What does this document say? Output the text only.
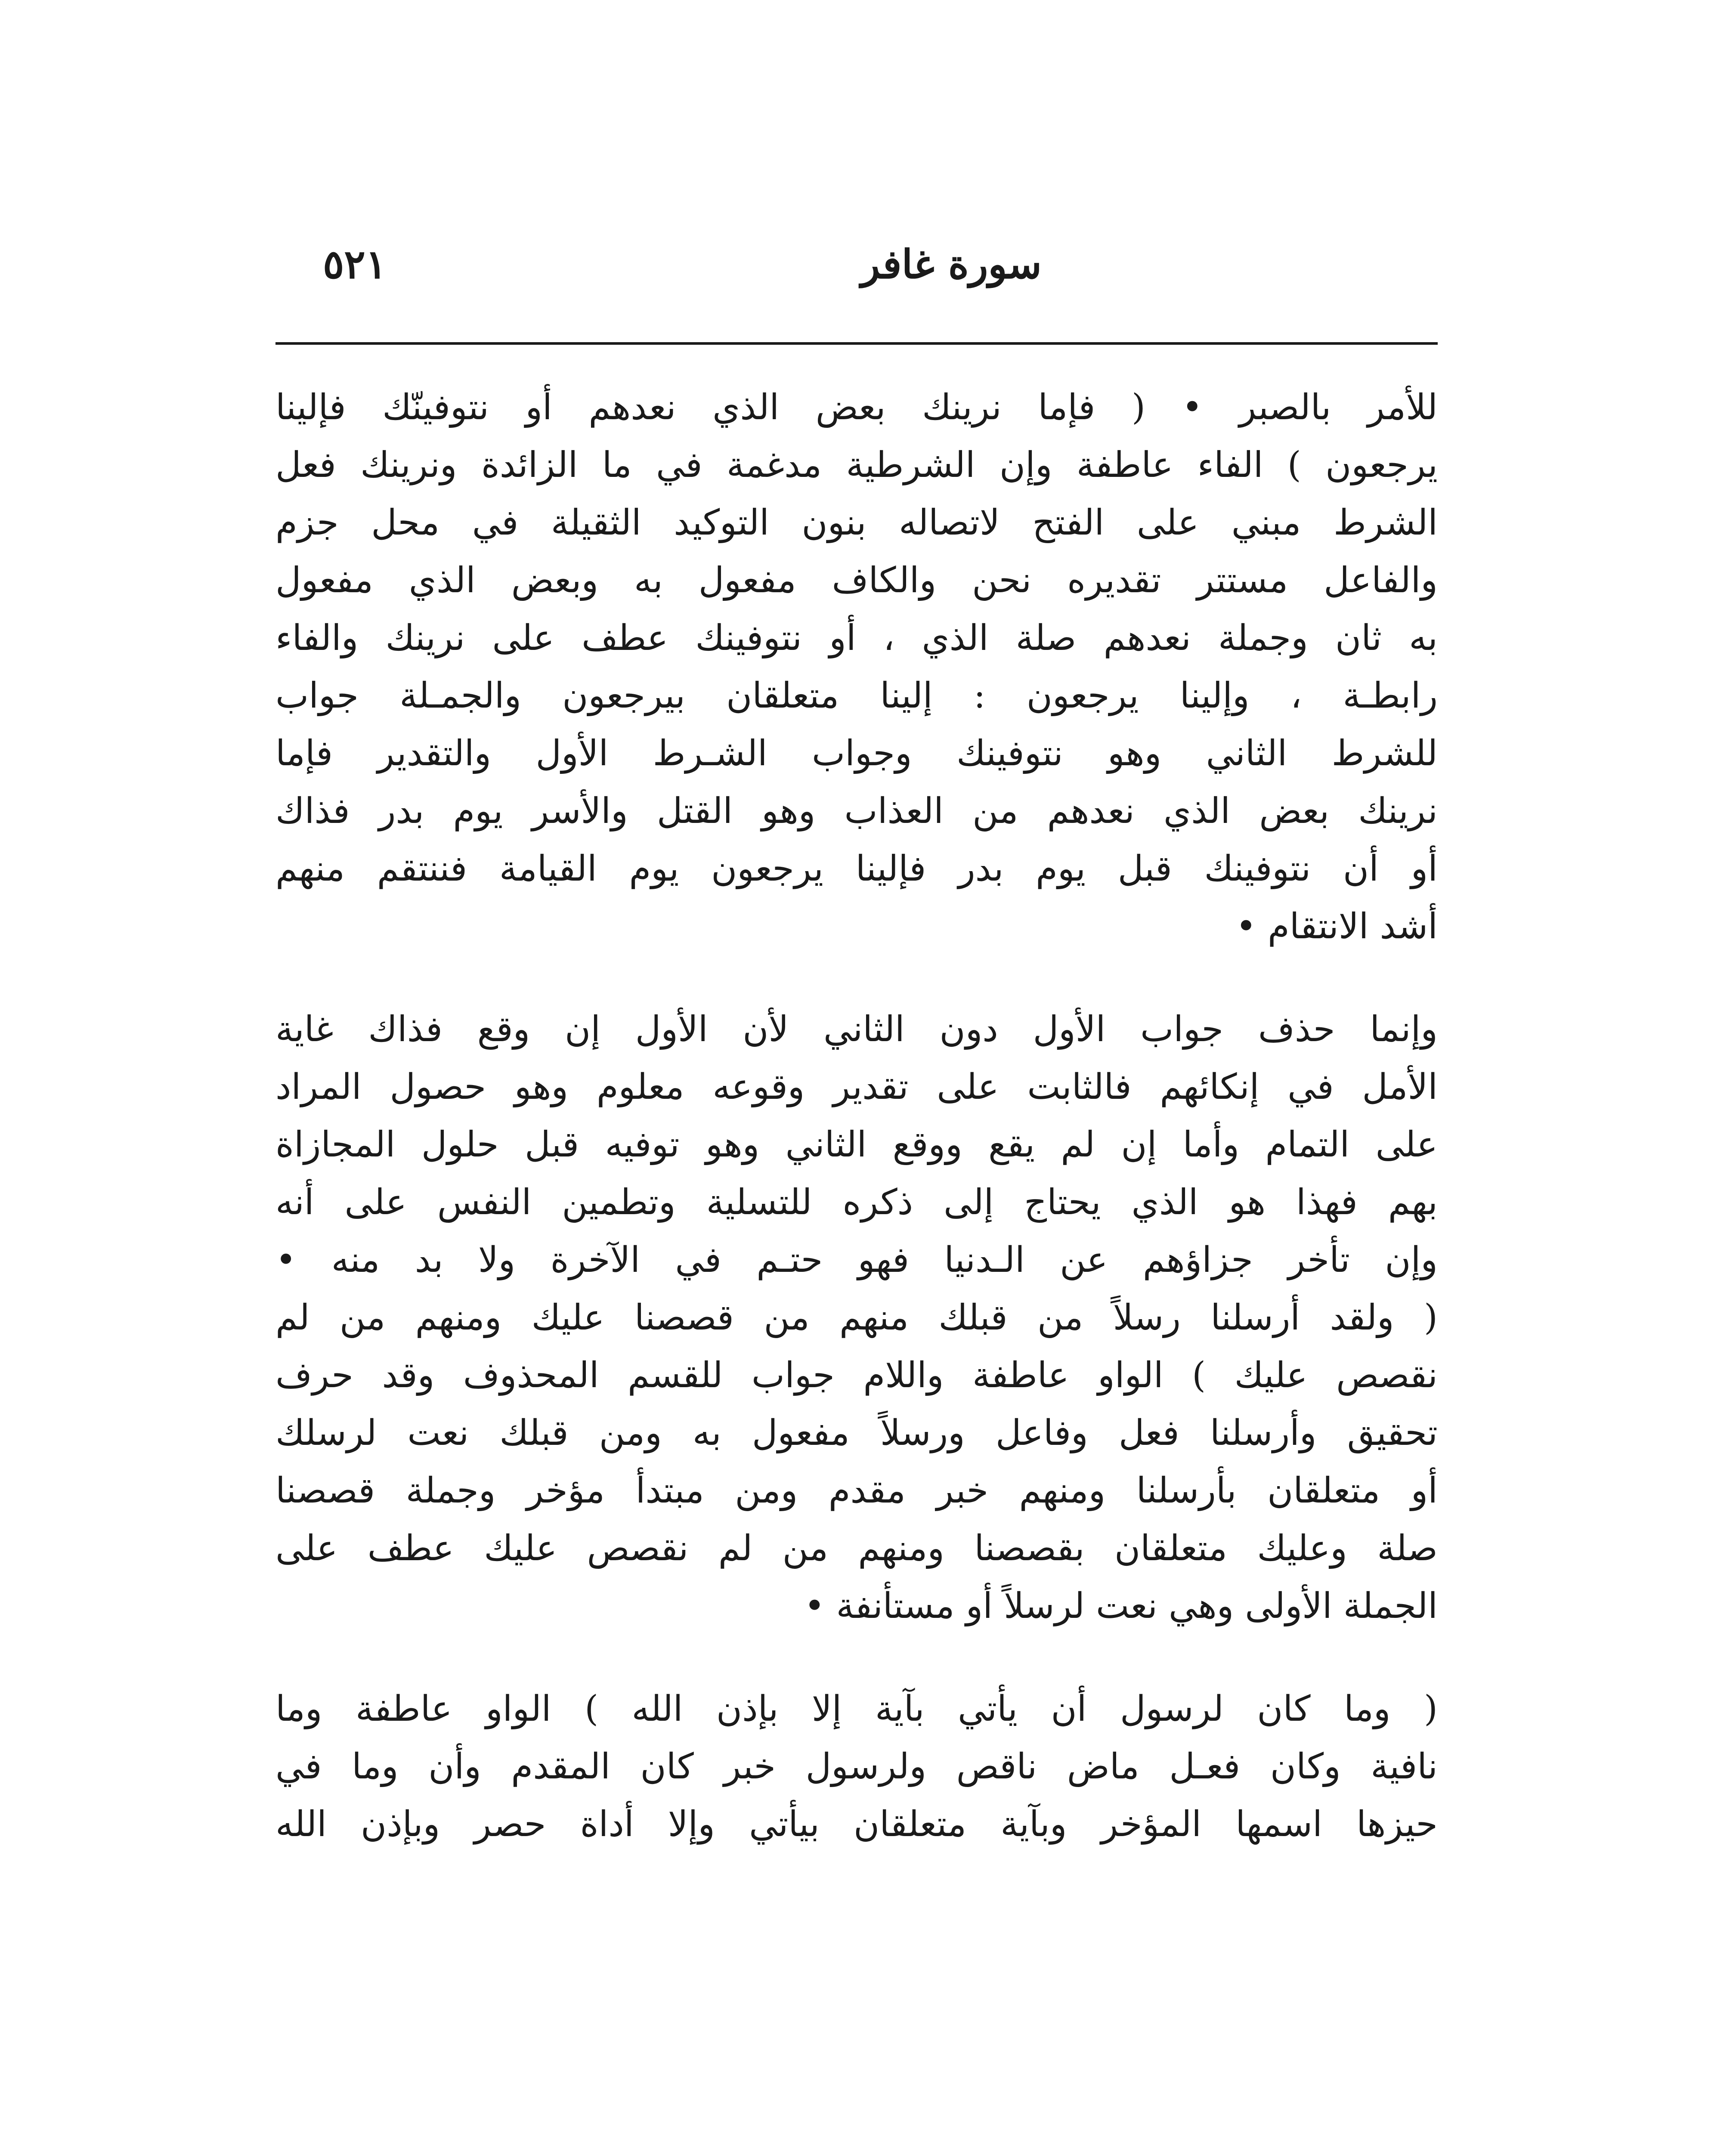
سورة غافر
٥٢١
للأمر بالصبر • ( فإما نرينك بعض الذي نعدهم أو نتوفينّك فإلينا
يرجعون ) الفاء عاطفة وإن الشرطية مدغمة في ما الزائدة ونرينك فعل
الشرط مبني على الفتح لاتصاله بنون التوكيد الثقيلة في محل جزم
والفاعل مستتر تقديره نحن والكاف مفعول به وبعض الذي مفعول
به ثان وجملة نعدهم صلة الذي ، أو نتوفينك عطف على نرينك والفاء
رابطـة ، وإلينا يرجعون : إلينا متعلقان بيرجعون والجمـلة جواب
للشرط الثاني وهو نتوفينك وجواب الشـرط الأول والتقدير فإما
نرينك بعض الذي نعدهم من العذاب وهو القتل والأسر يوم بدر فذاك
أو أن نتوفينك قبل يوم بدر فإلينا يرجعون يوم القيامة فننتقم منهم
أشد الانتقام •
وإنما حذف جواب الأول دون الثاني لأن الأول إن وقع فذاك غاية
الأمل في إنكائهم فالثابت على تقدير وقوعه معلوم وهو حصول المراد
على التمام وأما إن لم يقع ووقع الثاني وهو توفيه قبل حلول المجازاة
بهم فهذا هو الذي يحتاج إلى ذكره للتسلية وتطمين النفس على أنه
وإن تأخر جزاؤهم عن الـدنيا فهو حتـم في الآخرة ولا بد منه •
( ولقد أرسلنا رسلاً من قبلك منهم من قصصنا عليك ومنهم من لم
نقصص عليك ) الواو عاطفة واللام جواب للقسم المحذوف وقد حرف
تحقيق وأرسلنا فعل وفاعل ورسلاً مفعول به ومن قبلك نعت لرسلك
أو متعلقان بأرسلنا ومنهم خبر مقدم ومن مبتدأ مؤخر وجملة قصصنا
صلة وعليك متعلقان بقصصنا ومنهم من لم نقصص عليك عطف على
الجملة الأولى وهي نعت لرسلاً أو مستأنفة •
( وما كان لرسول أن يأتي بآية إلا بإذن الله ) الواو عاطفة وما
نافية وكان فعـل ماض ناقص ولرسول خبر كان المقدم وأن وما في
حيزها اسمها المؤخر وبآية متعلقان بيأتي وإلا أداة حصر وبإذن الله
